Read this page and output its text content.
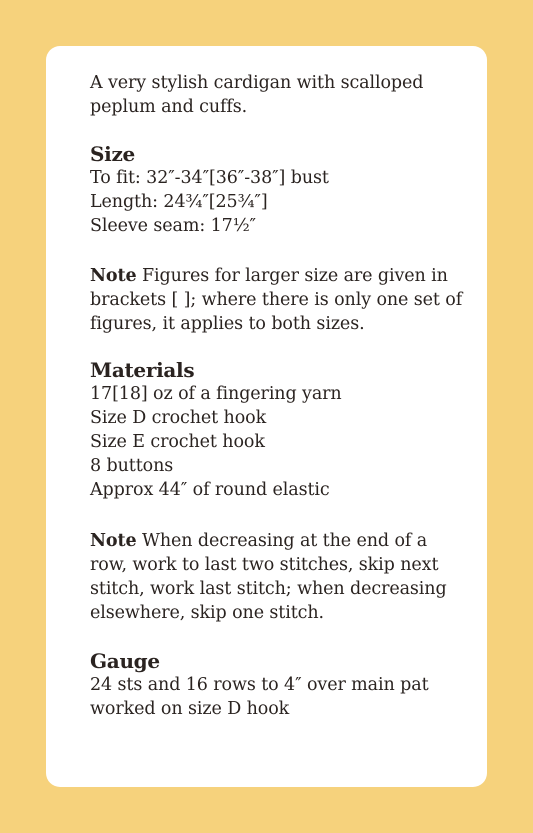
A very stylish cardigan with scalloped
peplum and cuffs.
Size
To fit: 32″-34″[36″-38″] bust
Length: 24¾″[25¾″]
Sleeve seam: 17½″
Note Figures for larger size are given in
brackets [ ]; where there is only one set of
figures, it applies to both sizes.
Materials
17[18] oz of a fingering yarn
Size D crochet hook
Size E crochet hook
8 buttons
Approx 44″ of round elastic
Note When decreasing at the end of a
row, work to last two stitches, skip next
stitch, work last stitch; when decreasing
elsewhere, skip one stitch.
Gauge
24 sts and 16 rows to 4″ over main pat
worked on size D hook
